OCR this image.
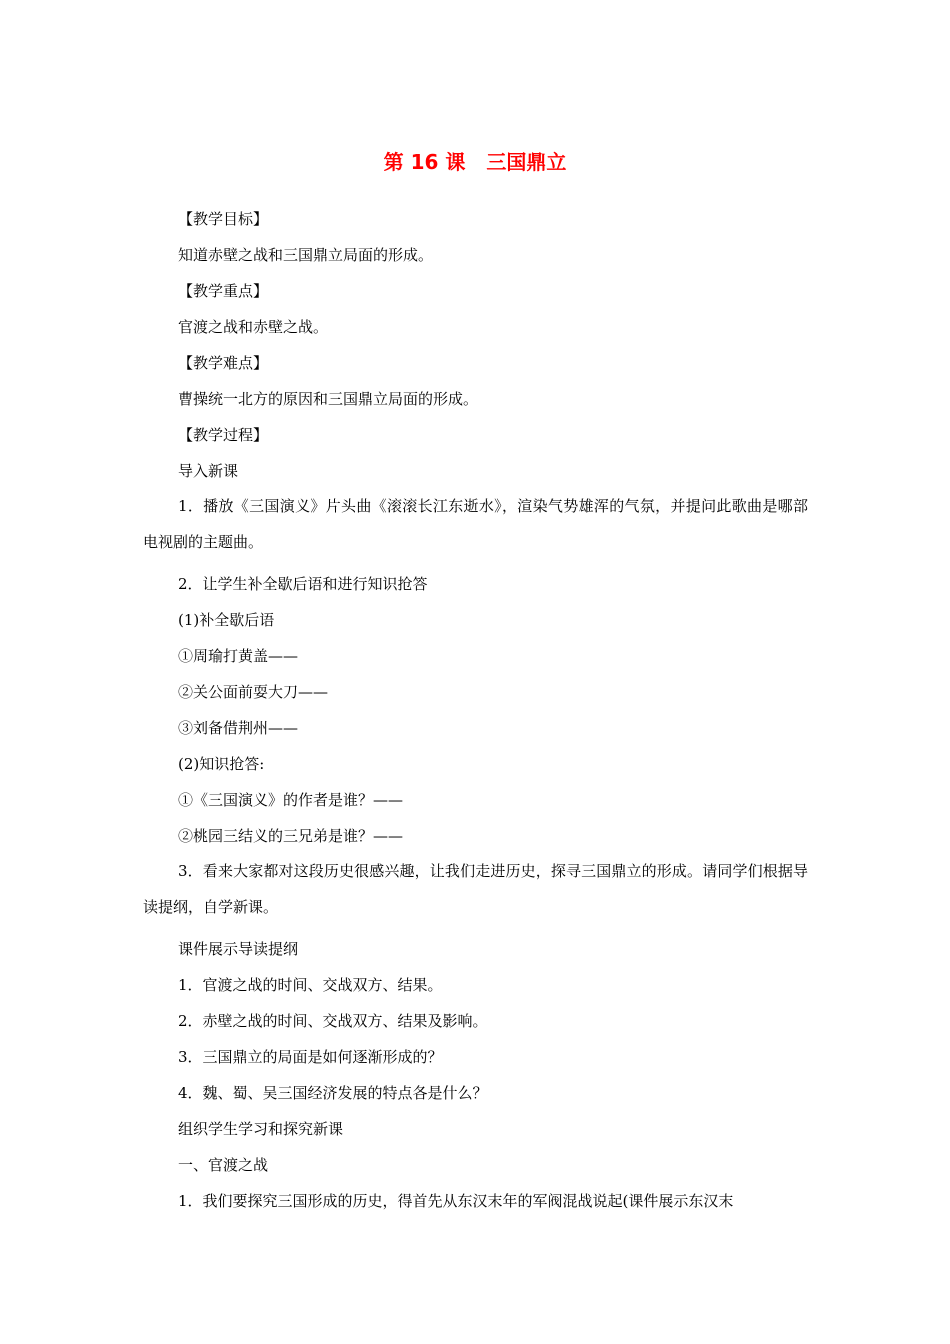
第 16 课   三国鼎立
【教学目标】
知道赤壁之战和三国鼎立局面的形成。
【教学重点】
官渡之战和赤壁之战。
【教学难点】
曹操统一北方的原因和三国鼎立局面的形成。
【教学过程】
导入新课
1．播放《三国演义》片头曲《滚滚长江东逝水》，渲染气势雄浑的气氛，并提问此歌曲是哪部电视剧的主题曲。
2．让学生补全歇后语和进行知识抢答
(1)补全歇后语
①周瑜打黄盖——
②关公面前耍大刀——
③刘备借荆州——
(2)知识抢答:
①《三国演义》的作者是谁？——
②桃园三结义的三兄弟是谁？——
3．看来大家都对这段历史很感兴趣，让我们走进历史，探寻三国鼎立的形成。请同学们根据导读提纲，自学新课。
课件展示导读提纲
1．官渡之战的时间、交战双方、结果。
2．赤壁之战的时间、交战双方、结果及影响。
3．三国鼎立的局面是如何逐渐形成的？
4．魏、蜀、吴三国经济发展的特点各是什么？
组织学生学习和探究新课
一、官渡之战
1．我们要探究三国形成的历史，得首先从东汉末年的军阀混战说起(课件展示东汉末
